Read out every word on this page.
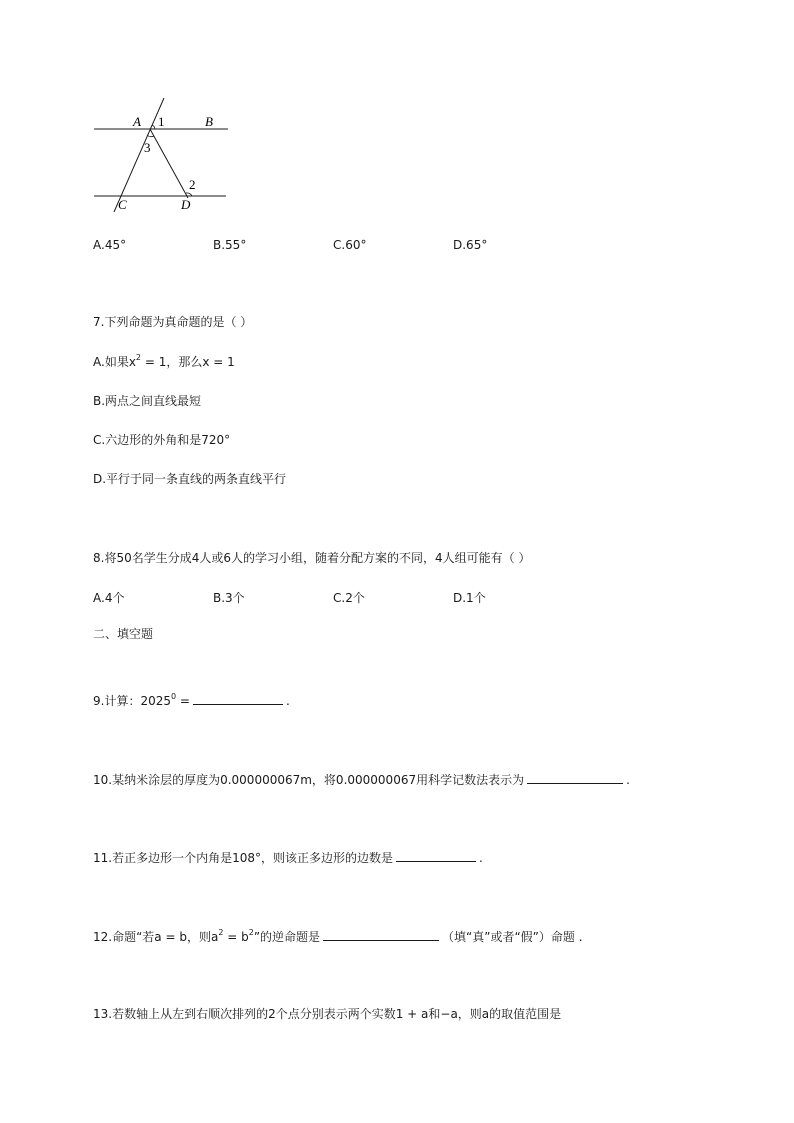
A 1	B
3
2
C	D
A.45°	B.55°	C.60°	D.65°
7.下列命题为真命题的是（ ）
A.如果$x^2 = 1$，那么x = 1
B.两点之间直线最短
C.六边形的外角和是720°
D.平行于同一条直线的两条直线平行
8.将50名学生分成4人或6人的学习小组，随着分配方案的不同，4人组可能有（ ）
A.4个	B.3个	C.2个	D.1个
二、填空题
9.计算：$2025^0$ =	.
10.某纳米涂层的厚度为0.000000067m，将0.000000067用科学记数法表示为	.
11.若正多边形一个内角是108°，则该正多边形的边数是	.
12.命题“若a = b，则$a^2 = b^2$”的逆命题是	（填“真”或者“假”）命题 .
13.若数轴上从左到右顺次排列的2个点分别表示两个实数1 + a和−a，则a的取值范围是
